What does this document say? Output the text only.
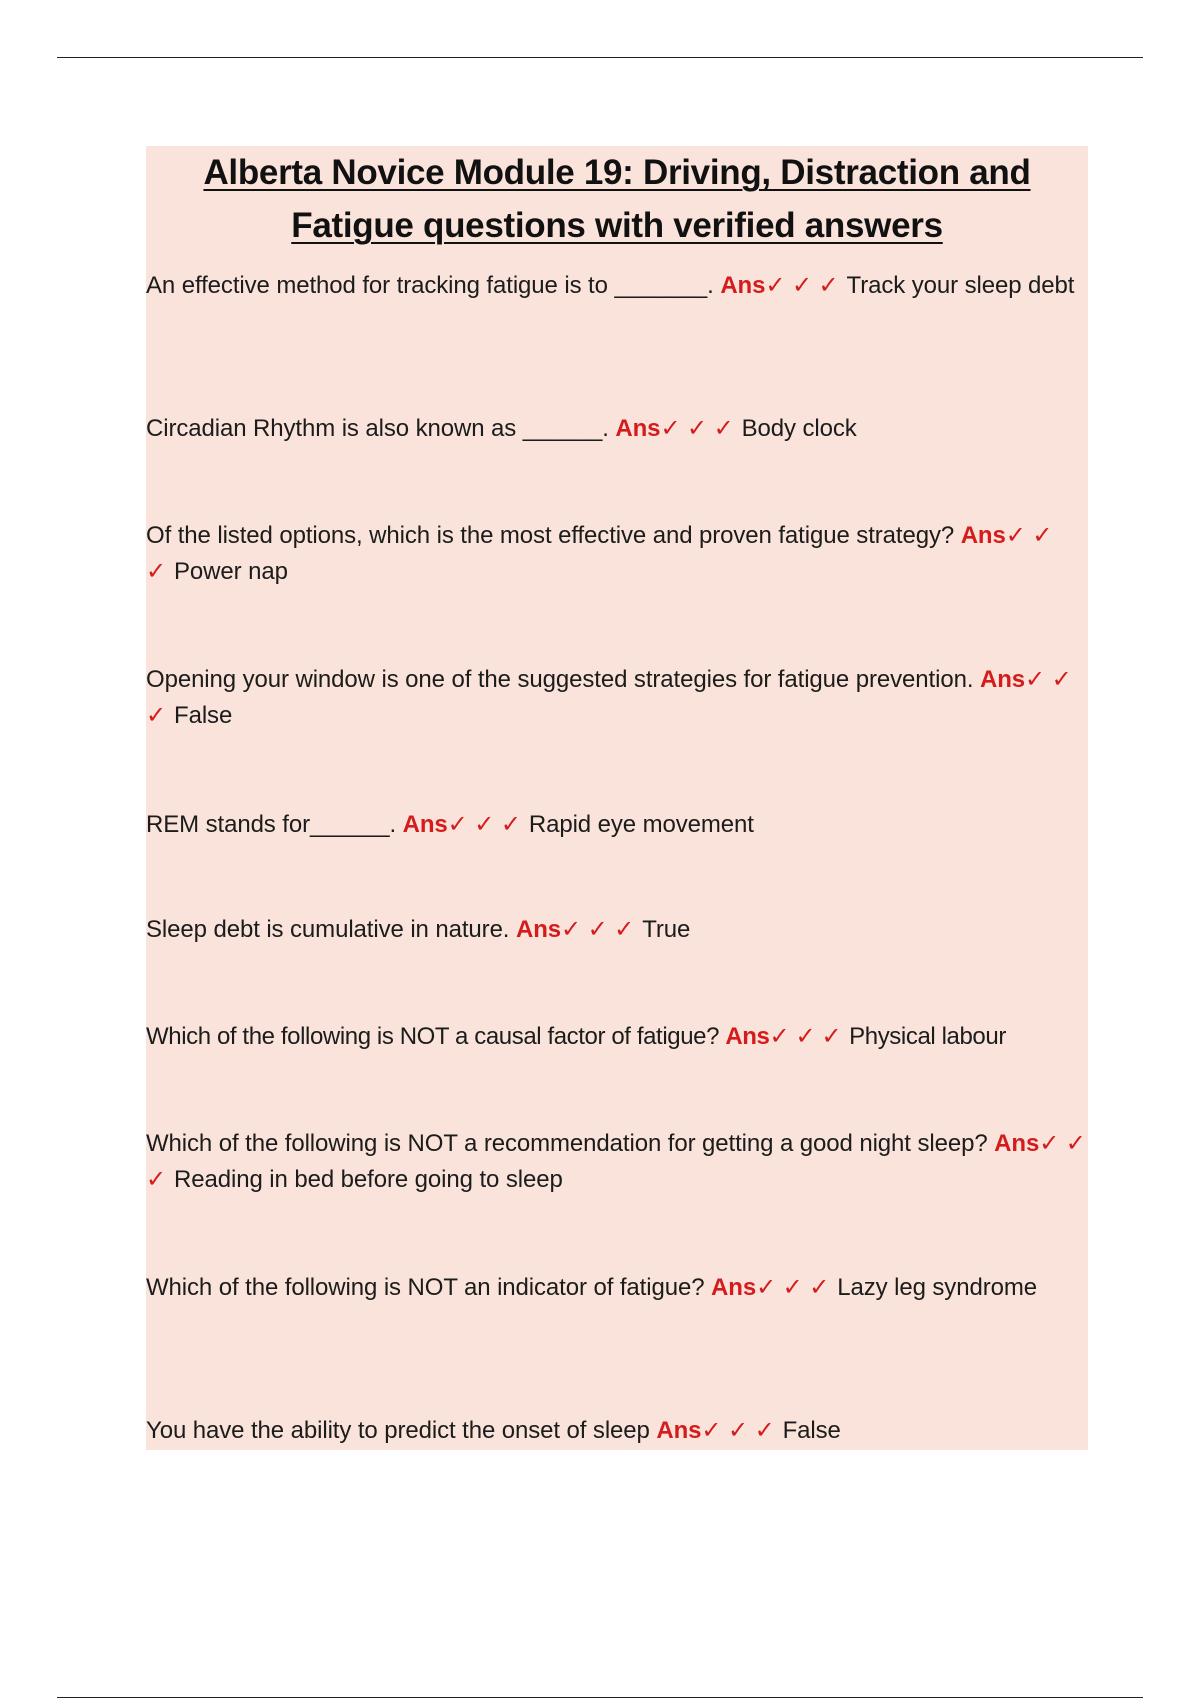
Alberta Novice Module 19: Driving, Distraction and
Fatigue questions with verified answers

An effective method for tracking fatigue is to _______. Ans✓ ✓ ✓ Track your sleep debt

Circadian Rhythm is also known as ______. Ans✓ ✓ ✓ Body clock

Of the listed options, which is the most effective and proven fatigue strategy? Ans✓ ✓ ✓ Power nap

Opening your window is one of the suggested strategies for fatigue prevention. Ans✓ ✓ ✓ False

REM stands for______. Ans✓ ✓ ✓ Rapid eye movement

Sleep debt is cumulative in nature. Ans✓ ✓ ✓ True

Which of the following is NOT a causal factor of fatigue? Ans✓ ✓ ✓ Physical labour

Which of the following is NOT a recommendation for getting a good night sleep? Ans✓ ✓ ✓ Reading in bed before going to sleep

Which of the following is NOT an indicator of fatigue? Ans✓ ✓ ✓ Lazy leg syndrome

You have the ability to predict the onset of sleep Ans✓ ✓ ✓ False
